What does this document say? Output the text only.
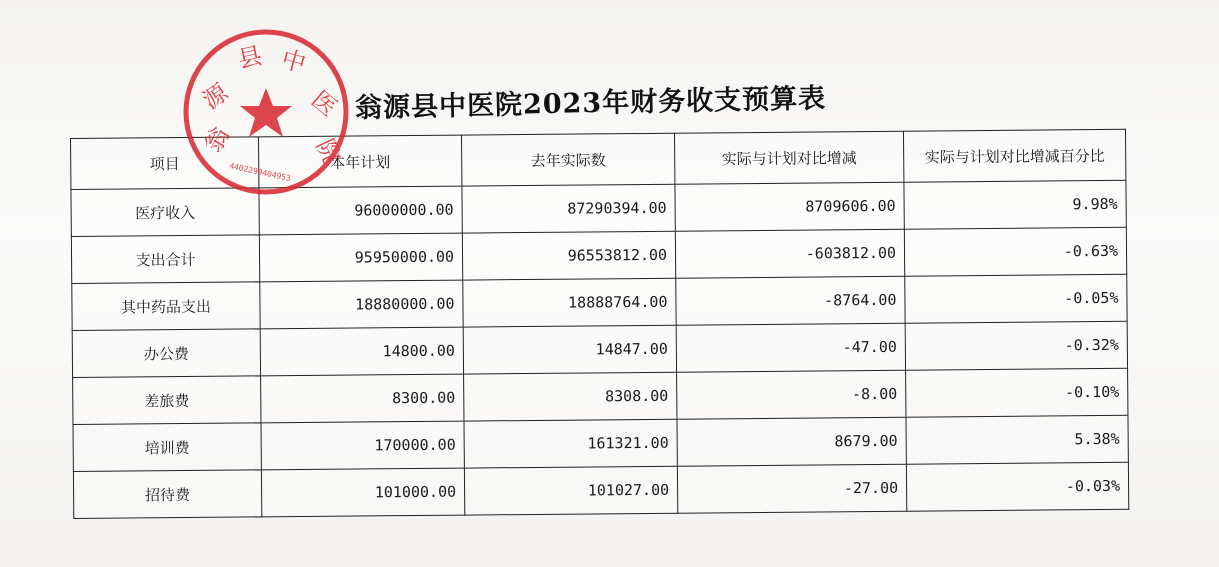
翁源县中医院2023年财务收支预算表
项目	本年计划	去年实际数	实际与计划对比增减	实际与计划对比增减百分比
医疗收入	96000000.00	87290394.00	8709606.00	9.98%
支出合计	95950000.00	96553812.00	-603812.00	-0.63%
其中药品支出	18880000.00	18888764.00	-8764.00	-0.05%
办公费	14800.00	14847.00	-47.00	-0.32%
差旅费	8300.00	8308.00	-8.00	-0.10%
培训费	170000.00	161321.00	8679.00	5.38%
招待费	101000.00	101027.00	-27.00	-0.03%
翁
源
县 中
医
院
4402290404953
